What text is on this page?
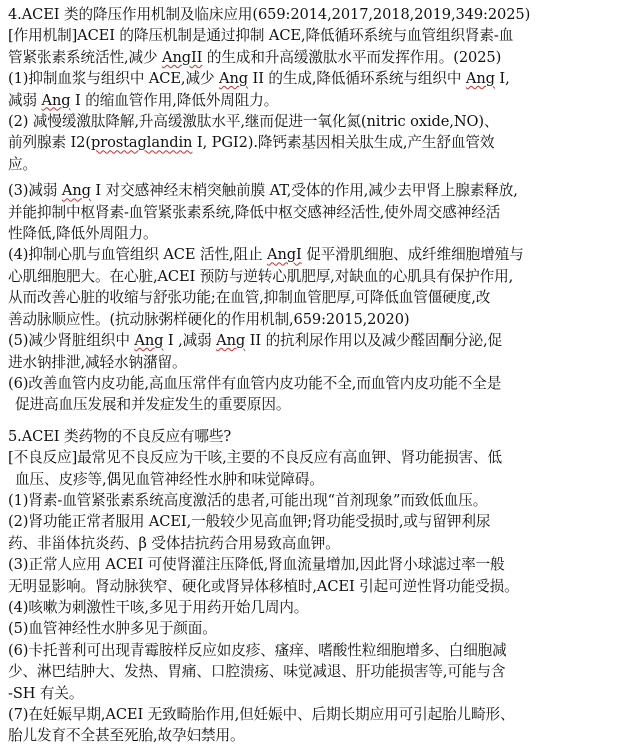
4.ACEI 类的降压作用机制及临床应用(659:2014,2017,2018,2019,349:2025)
[作用机制]ACEI 的降压机制是通过抑制 ACE,降低循环系统与血管组织肾素-血
管紧张素系统活性,减少 AngII 的生成和升高缓激肽水平而发挥作用。(2025)
(1)抑制血浆与组织中 ACE,减少 Ang II 的生成,降低循环系统与组织中 Ang I,
减弱 Ang I 的缩血管作用,降低外周阻力。
(2) 减慢缓激肽降解,升高缓激肽水平,继而促进一氧化氮(nitric oxide,NO)、
前列腺素 I2(prostaglandin I, PGI2).降钙素基因相关肽生成,产生舒血管效
应。
(3)减弱 Ang I 对交感神经末梢突触前膜 AT,受体的作用,减少去甲肾上腺素释放,
并能抑制中枢肾素-血管紧张素系统,降低中枢交感神经活性,使外周交感神经活
性降低,降低外周阻力。
(4)抑制心肌与血管组织 ACE 活性,阻止 AngI 促平滑肌细胞、成纤维细胞增殖与
心肌细胞肥大。在心脏,ACEI 预防与逆转心肌肥厚,对缺血的心肌具有保护作用,
从而改善心脏的收缩与舒张功能;在血管,抑制血管肥厚,可降低血管僵硬度,改
善动脉顺应性。(抗动脉粥样硬化的作用机制,659:2015,2020)
(5)减少肾脏组织中 Ang I ,减弱 Ang II 的抗利尿作用以及减少醛固酮分泌,促
进水钠排泄,减轻水钠潴留。
(6)改善血管内皮功能,高血压常伴有血管内皮功能不全,而血管内皮功能不全是
促进高血压发展和并发症发生的重要原因。
5.ACEI 类药物的不良反应有哪些?
[不良反应]最常见不良反应为干咳,主要的不良反应有高血钾、肾功能损害、低
血压、皮疹等,偶见血管神经性水肿和味觉障碍。
(1)肾素-血管紧张素系统高度激活的患者,可能出现“首剂现象”而致低血压。
(2)肾功能正常者服用 ACEI,一般较少见高血钾;肾功能受损时,或与留钾利尿
药、非甾体抗炎药、β 受体拮抗药合用易致高血钾。
(3)正常人应用 ACEI 可使肾灌注压降低,肾血流量增加,因此肾小球滤过率一般
无明显影响。肾动脉狭窄、硬化或肾异体移植时,ACEI 引起可逆性肾功能受损。
(4)咳嗽为刺激性干咳,多见于用药开始几周内。
(5)血管神经性水肿多见于颜面。
(6)卡托普利可出现青霉胺样反应如皮疹、瘙痒、嗜酸性粒细胞增多、白细胞减
少、淋巴结肿大、发热、胃痛、口腔溃疡、味觉减退、肝功能损害等,可能与含
-SH 有关。
(7)在妊娠早期,ACEI 无致畸胎作用,但妊娠中、后期长期应用可引起胎儿畸形、
胎儿发育不全甚至死胎,故孕妇禁用。
